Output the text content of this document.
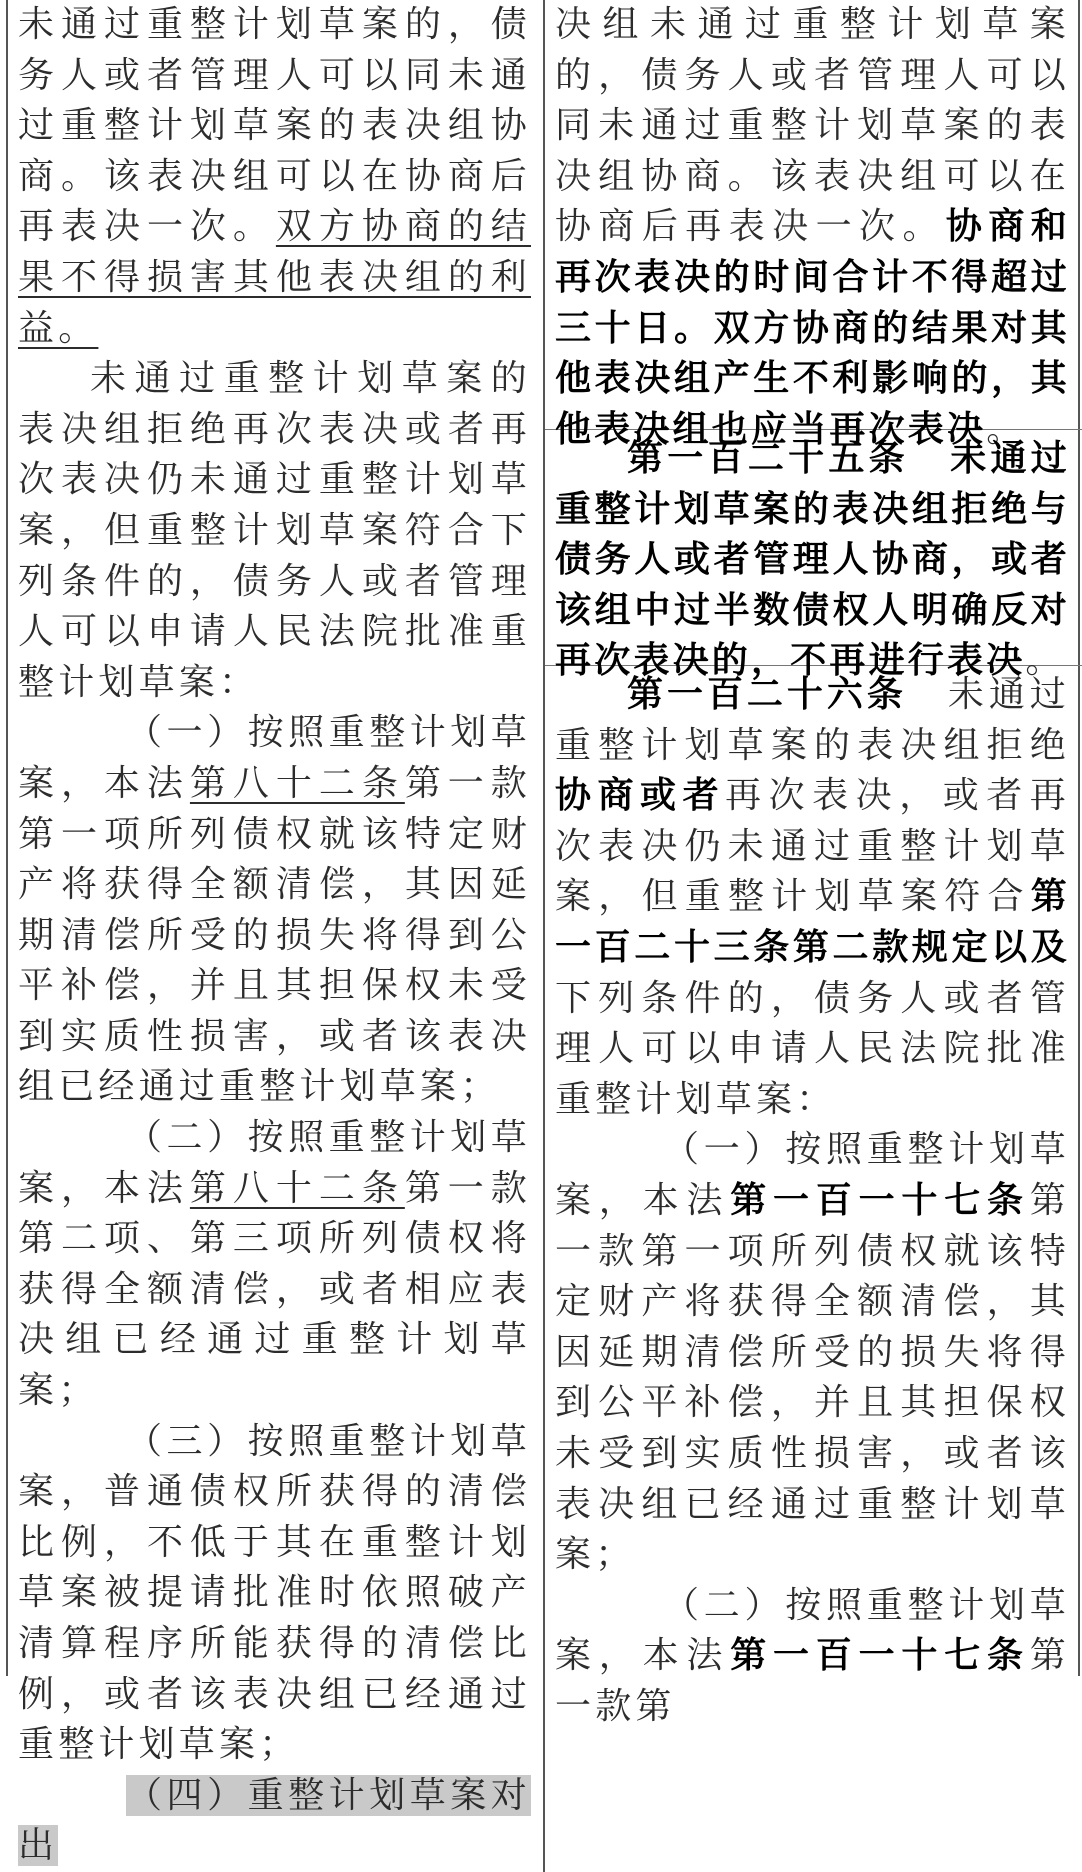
未通过重整计划草案的，债务人或者管理人可以同未通过重整计划草案的表决组协商。该表决组可以在协商后再表决一次。双方协商的结果不得损害其他表决组的利益。

未通过重整计划草案的表决组拒绝再次表决或者再次表决仍未通过重整计划草案，但重整计划草案符合下列条件的，债务人或者管理人可以申请人民法院批准重整计划草案：

（一）按照重整计划草案，本法第八十二条第一款第一项所列债权就该特定财产将获得全额清偿，其因延期清偿所受的损失将得到公平补偿，并且其担保权未受到实质性损害，或者该表决组已经通过重整计划草案；

（二）按照重整计划草案，本法第八十二条第一款第二项、第三项所列债权将获得全额清偿，或者相应表决组已经通过重整计划草案；

（三）按照重整计划草案，普通债权所获得的清偿比例，不低于其在重整计划草案被提请批准时依照破产清算程序所能获得的清偿比例，或者该表决组已经通过重整计划草案；

（四）重整计划草案对出

决组未通过重整计划草案的，债务人或者管理人可以同未通过重整计划草案的表决组协商。该表决组可以在协商后再表决一次。协商和再次表决的时间合计不得超过三十日。双方协商的结果对其他表决组产生不利影响的，其他表决组也应当再次表决。

第一百二十五条　 未通过重整计划草案的表决组拒绝与债务人或者管理人协商，或者该组中过半数债权人明确反对再次表决的，不再进行表决。

第一百二十六条　 未通过重整计划草案的表决组拒绝协商或者再次表决，或者再次表决仍未通过重整计划草案，但重整计划草案符合第一百二十三条第二款规定以及下列条件的，债务人或者管理人可以申请人民法院批准重整计划草案：

（一）按照重整计划草案，本法第一百一十七条第一款第一项所列债权就该特定财产将获得全额清偿，其因延期清偿所受的损失将得到公平补偿，并且其担保权未受到实质性损害，或者该表决组已经通过重整计划草案；

（二）按照重整计划草案，本法第一百一十七条第一款第
